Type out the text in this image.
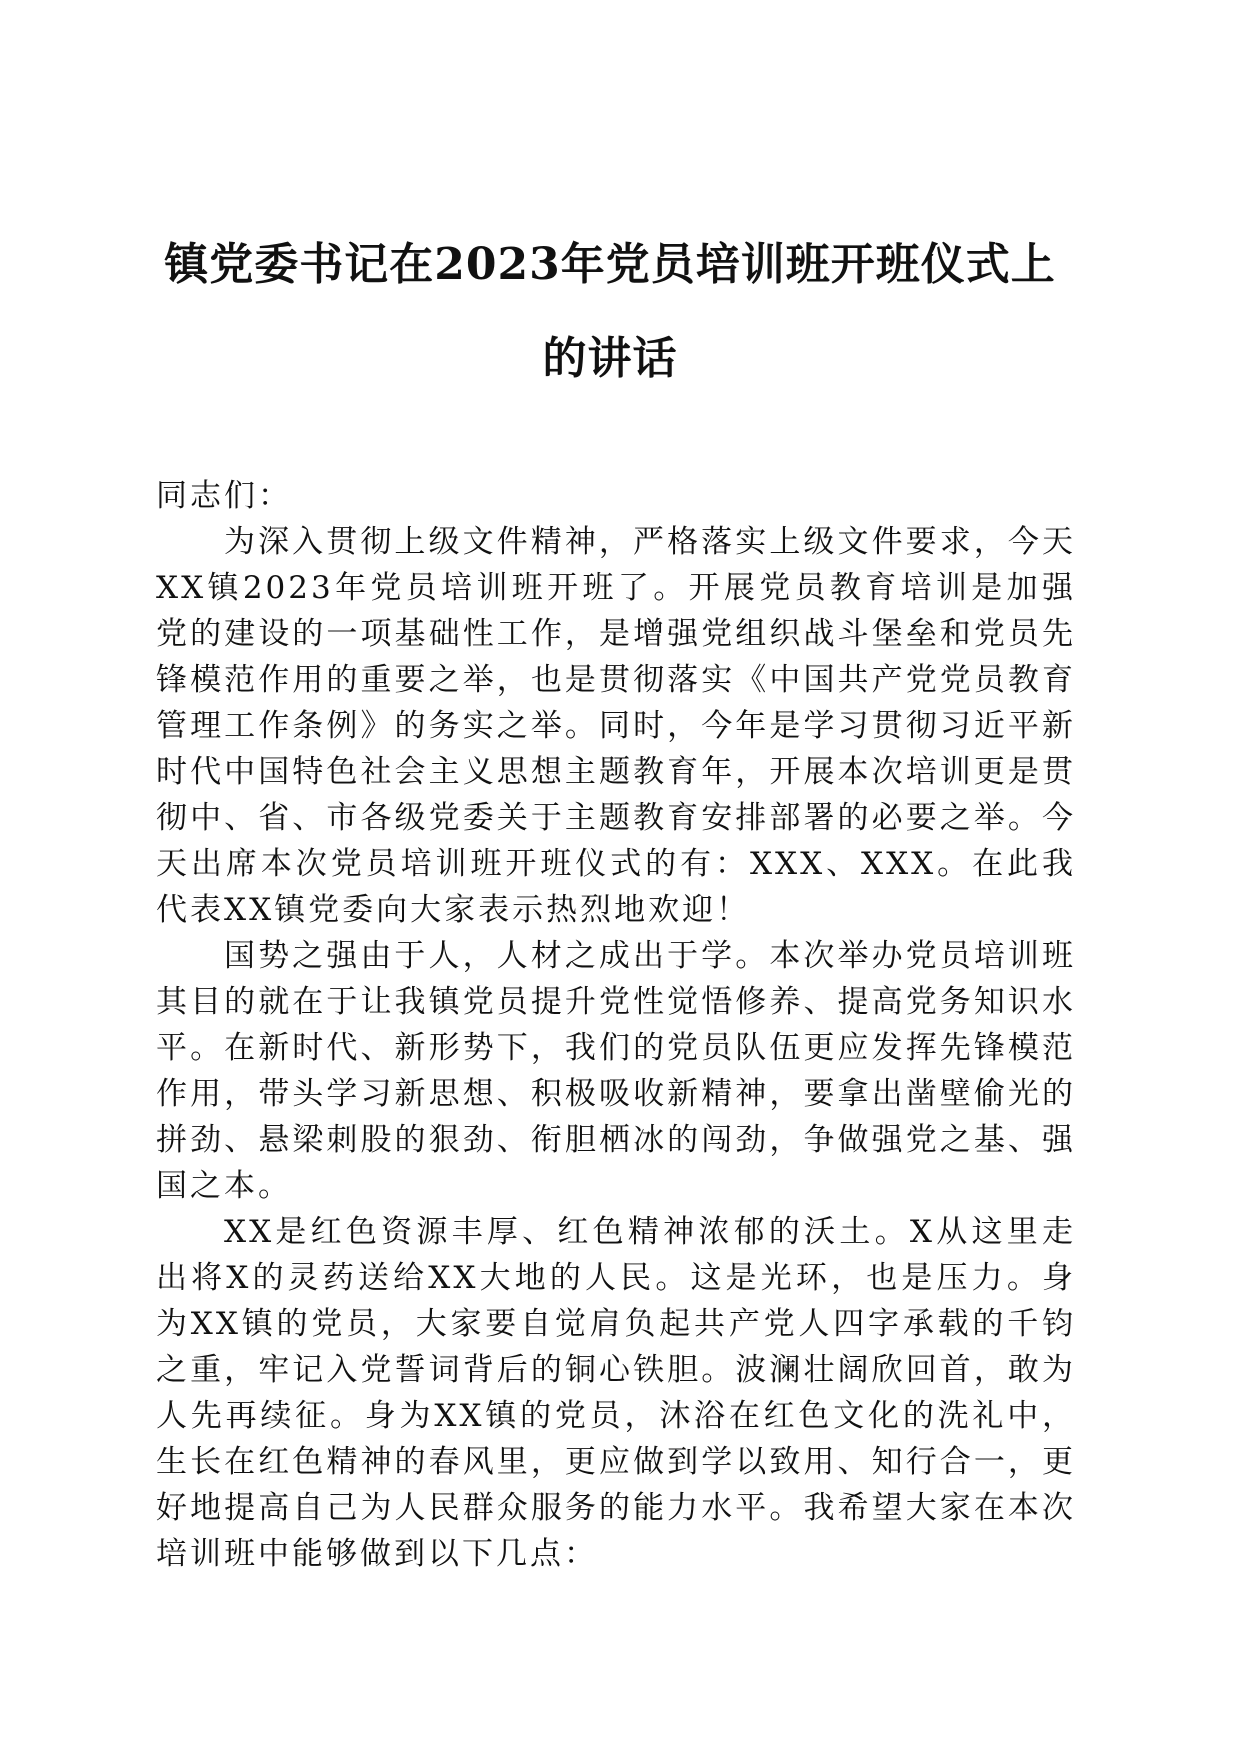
镇党委书记在2023年党员培训班开班仪式上
的讲话

同志们：

为深入贯彻上级文件精神，严格落实上级文件要求，今天XX镇2023年党员培训班开班了。开展党员教育培训是加强党的建设的一项基础性工作，是增强党组织战斗堡垒和党员先锋模范作用的重要之举，也是贯彻落实《中国共产党党员教育管理工作条例》的务实之举。同时，今年是学习贯彻习近平新时代中国特色社会主义思想主题教育年，开展本次培训更是贯彻中、省、市各级党委关于主题教育安排部署的必要之举。今天出席本次党员培训班开班仪式的有：XXX、XXX。在此我代表XX镇党委向大家表示热烈地欢迎！

国势之强由于人，人材之成出于学。本次举办党员培训班其目的就在于让我镇党员提升党性觉悟修养、提高党务知识水平。在新时代、新形势下，我们的党员队伍更应发挥先锋模范作用，带头学习新思想、积极吸收新精神，要拿出凿壁偷光的拼劲、悬梁刺股的狠劲、衔胆栖冰的闯劲，争做强党之基、强国之本。

XX是红色资源丰厚、红色精神浓郁的沃土。X从这里走出将X的灵药送给XX大地的人民。这是光环，也是压力。身为XX镇的党员，大家要自觉肩负起共产党人四字承载的千钧之重，牢记入党誓词背后的铜心铁胆。波澜壮阔欣回首，敢为人先再续征。身为XX镇的党员，沐浴在红色文化的洗礼中，生长在红色精神的春风里，更应做到学以致用、知行合一，更好地提高自己为人民群众服务的能力水平。我希望大家在本次培训班中能够做到以下几点：
